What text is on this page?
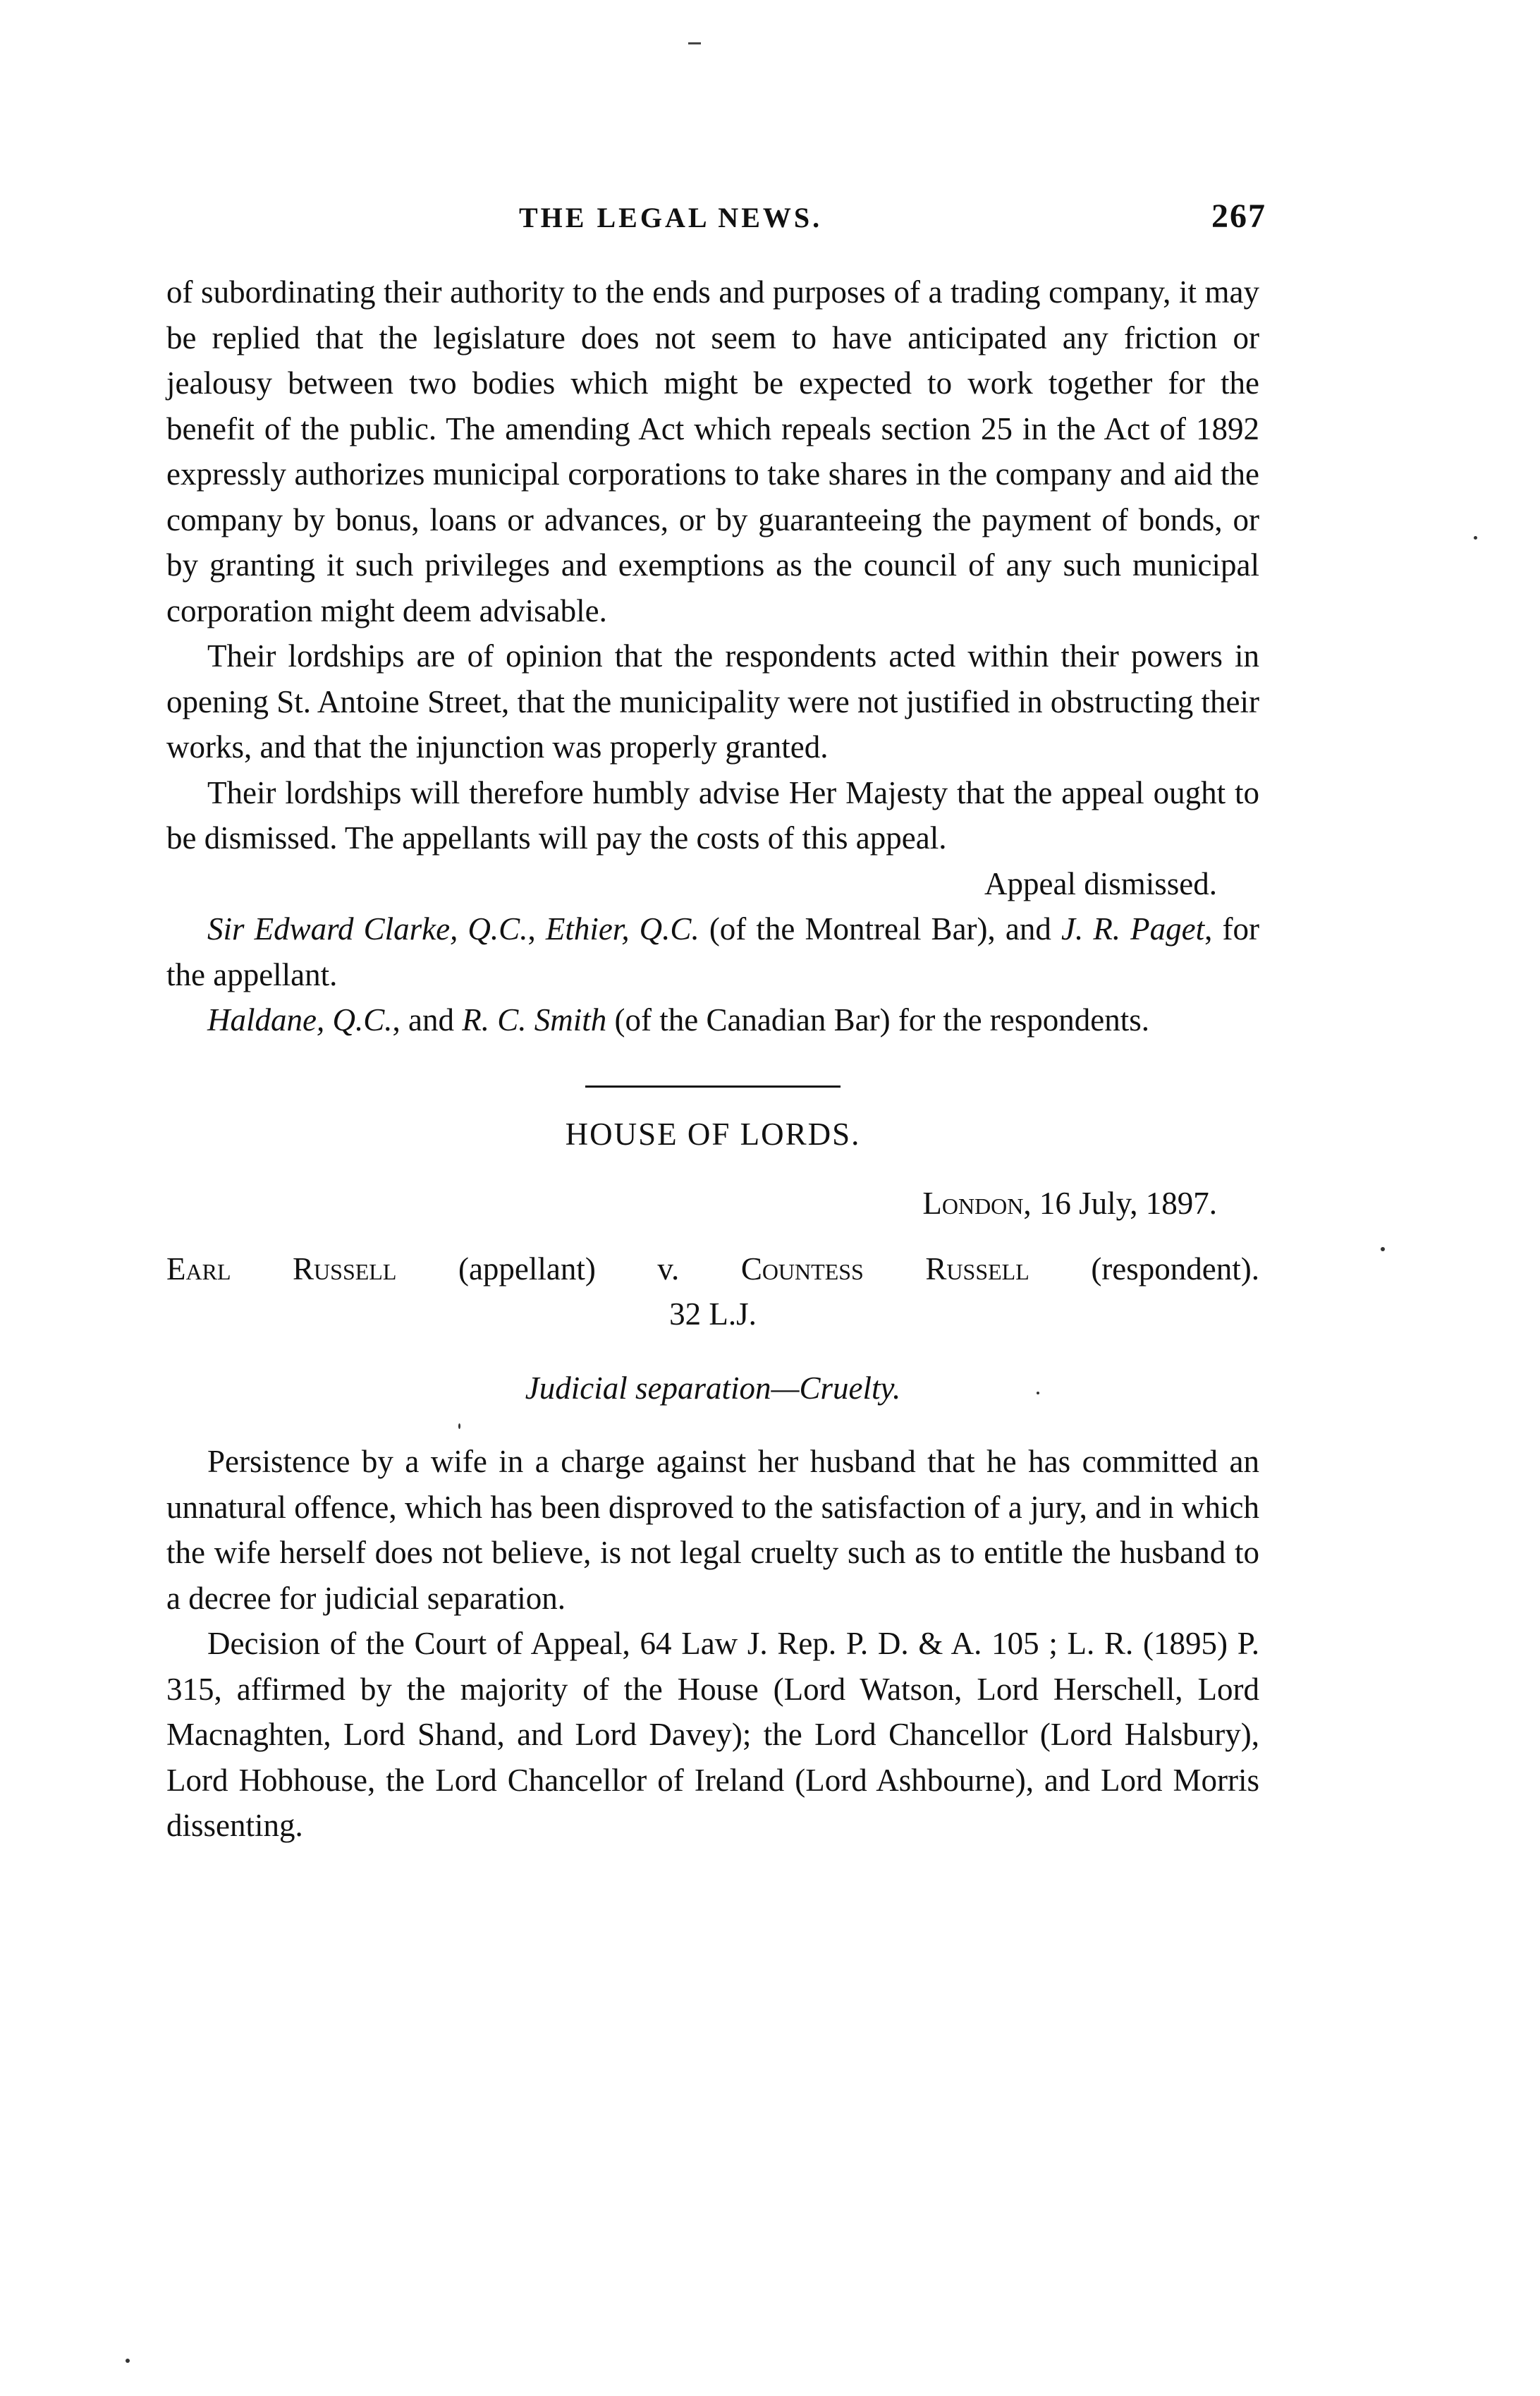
THE LEGAL NEWS.	267

of subordinating their authority to the ends and purposes of a trading company, it may be replied that the legislature does not seem to have anticipated any friction or jealousy between two bodies which might be expected to work together for the benefit of the public. The amending Act which repeals section 25 in the Act of 1892 expressly authorizes municipal corporations to take shares in the company and aid the company by bonus, loans or advances, or by guaranteeing the payment of bonds, or by granting it such privileges and exemptions as the council of any such municipal corporation might deem advisable.

Their lordships are of opinion that the respondents acted within their powers in opening St. Antoine Street, that the municipality were not justified in obstructing their works, and that the injunction was properly granted.

Their lordships will therefore humbly advise Her Majesty that the appeal ought to be dismissed. The appellants will pay the costs of this appeal.

Appeal dismissed.

Sir Edward Clarke, Q.C., Ethier, Q.C. (of the Montreal Bar), and J. R. Paget, for the appellant.

Haldane, Q.C., and R. C. Smith (of the Canadian Bar) for the respondents.

HOUSE OF LORDS.

London, 16 July, 1897.

Earl Russell (appellant) v. Countess Russell (respondent).

32 L.J.

Judicial separation—Cruelty.

Persistence by a wife in a charge against her husband that he has committed an unnatural offence, which has been disproved to the satisfaction of a jury, and in which the wife herself does not believe, is not legal cruelty such as to entitle the husband to a decree for judicial separation.

Decision of the Court of Appeal, 64 Law J. Rep. P. D. & A. 105 ; L. R. (1895) P. 315, affirmed by the majority of the House (Lord Watson, Lord Herschell, Lord Macnaghten, Lord Shand, and Lord Davey); the Lord Chancellor (Lord Halsbury), Lord Hobhouse, the Lord Chancellor of Ireland (Lord Ashbourne), and Lord Morris dissenting.
